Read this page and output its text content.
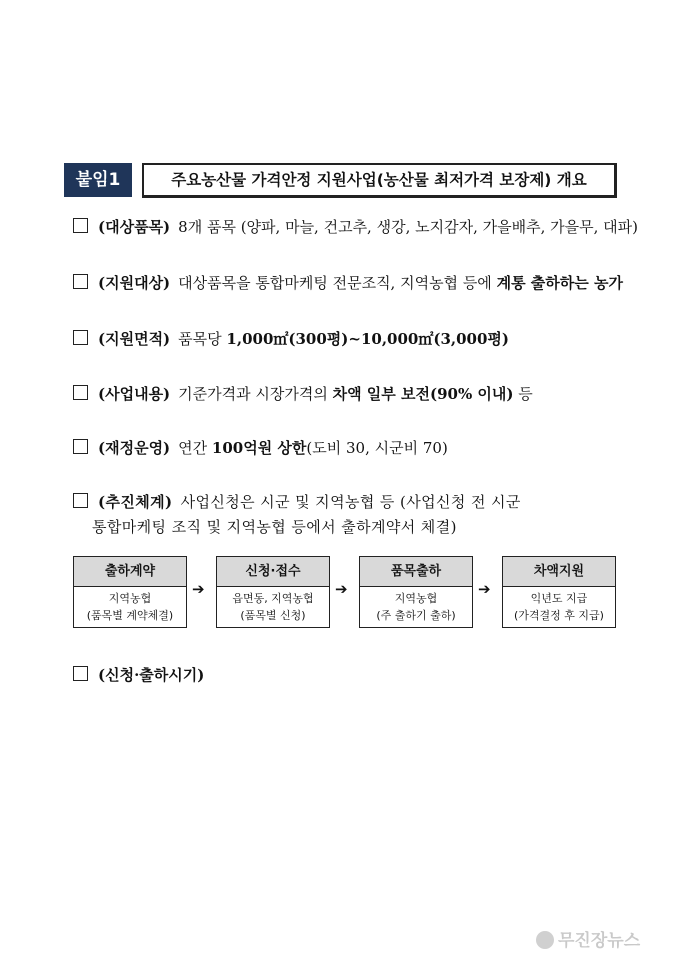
붙임1	주요농산물 가격안정 지원사업(농산물 최저가격 보장제) 개요
(대상품목) 8개 품목 (양파, 마늘, 건고추, 생강, 노지감자, 가을배추, 가을무, 대파)
(지원대상) 대상품목을 통합마케팅 전문조직, 지역농협 등에 계통 출하하는 농가
(지원면적) 품목당 1,000㎡(300평)~10,000㎡(3,000평)
(사업내용) 기준가격과 시장가격의 차액 일부 보전(90% 이내) 등
(재정운영) 연간 100억원 상한(도비 30, 시군비 70)
(추진체계) 사업신청은 시군 및 지역농협 등 (사업신청 전 시군
통합마케팅 조직 및 지역농협 등에서 출하계약서 체결)
출하계약
지역농협
(품목별 계약체결)
➔
신청·접수
읍면동, 지역농협
(품목별 신청)
➔
품목출하
지역농협
(주 출하기 출하)
➔
차액지원
익년도 지급
(가격결정 후 지급)
(신청·출하시기)
무진장뉴스
